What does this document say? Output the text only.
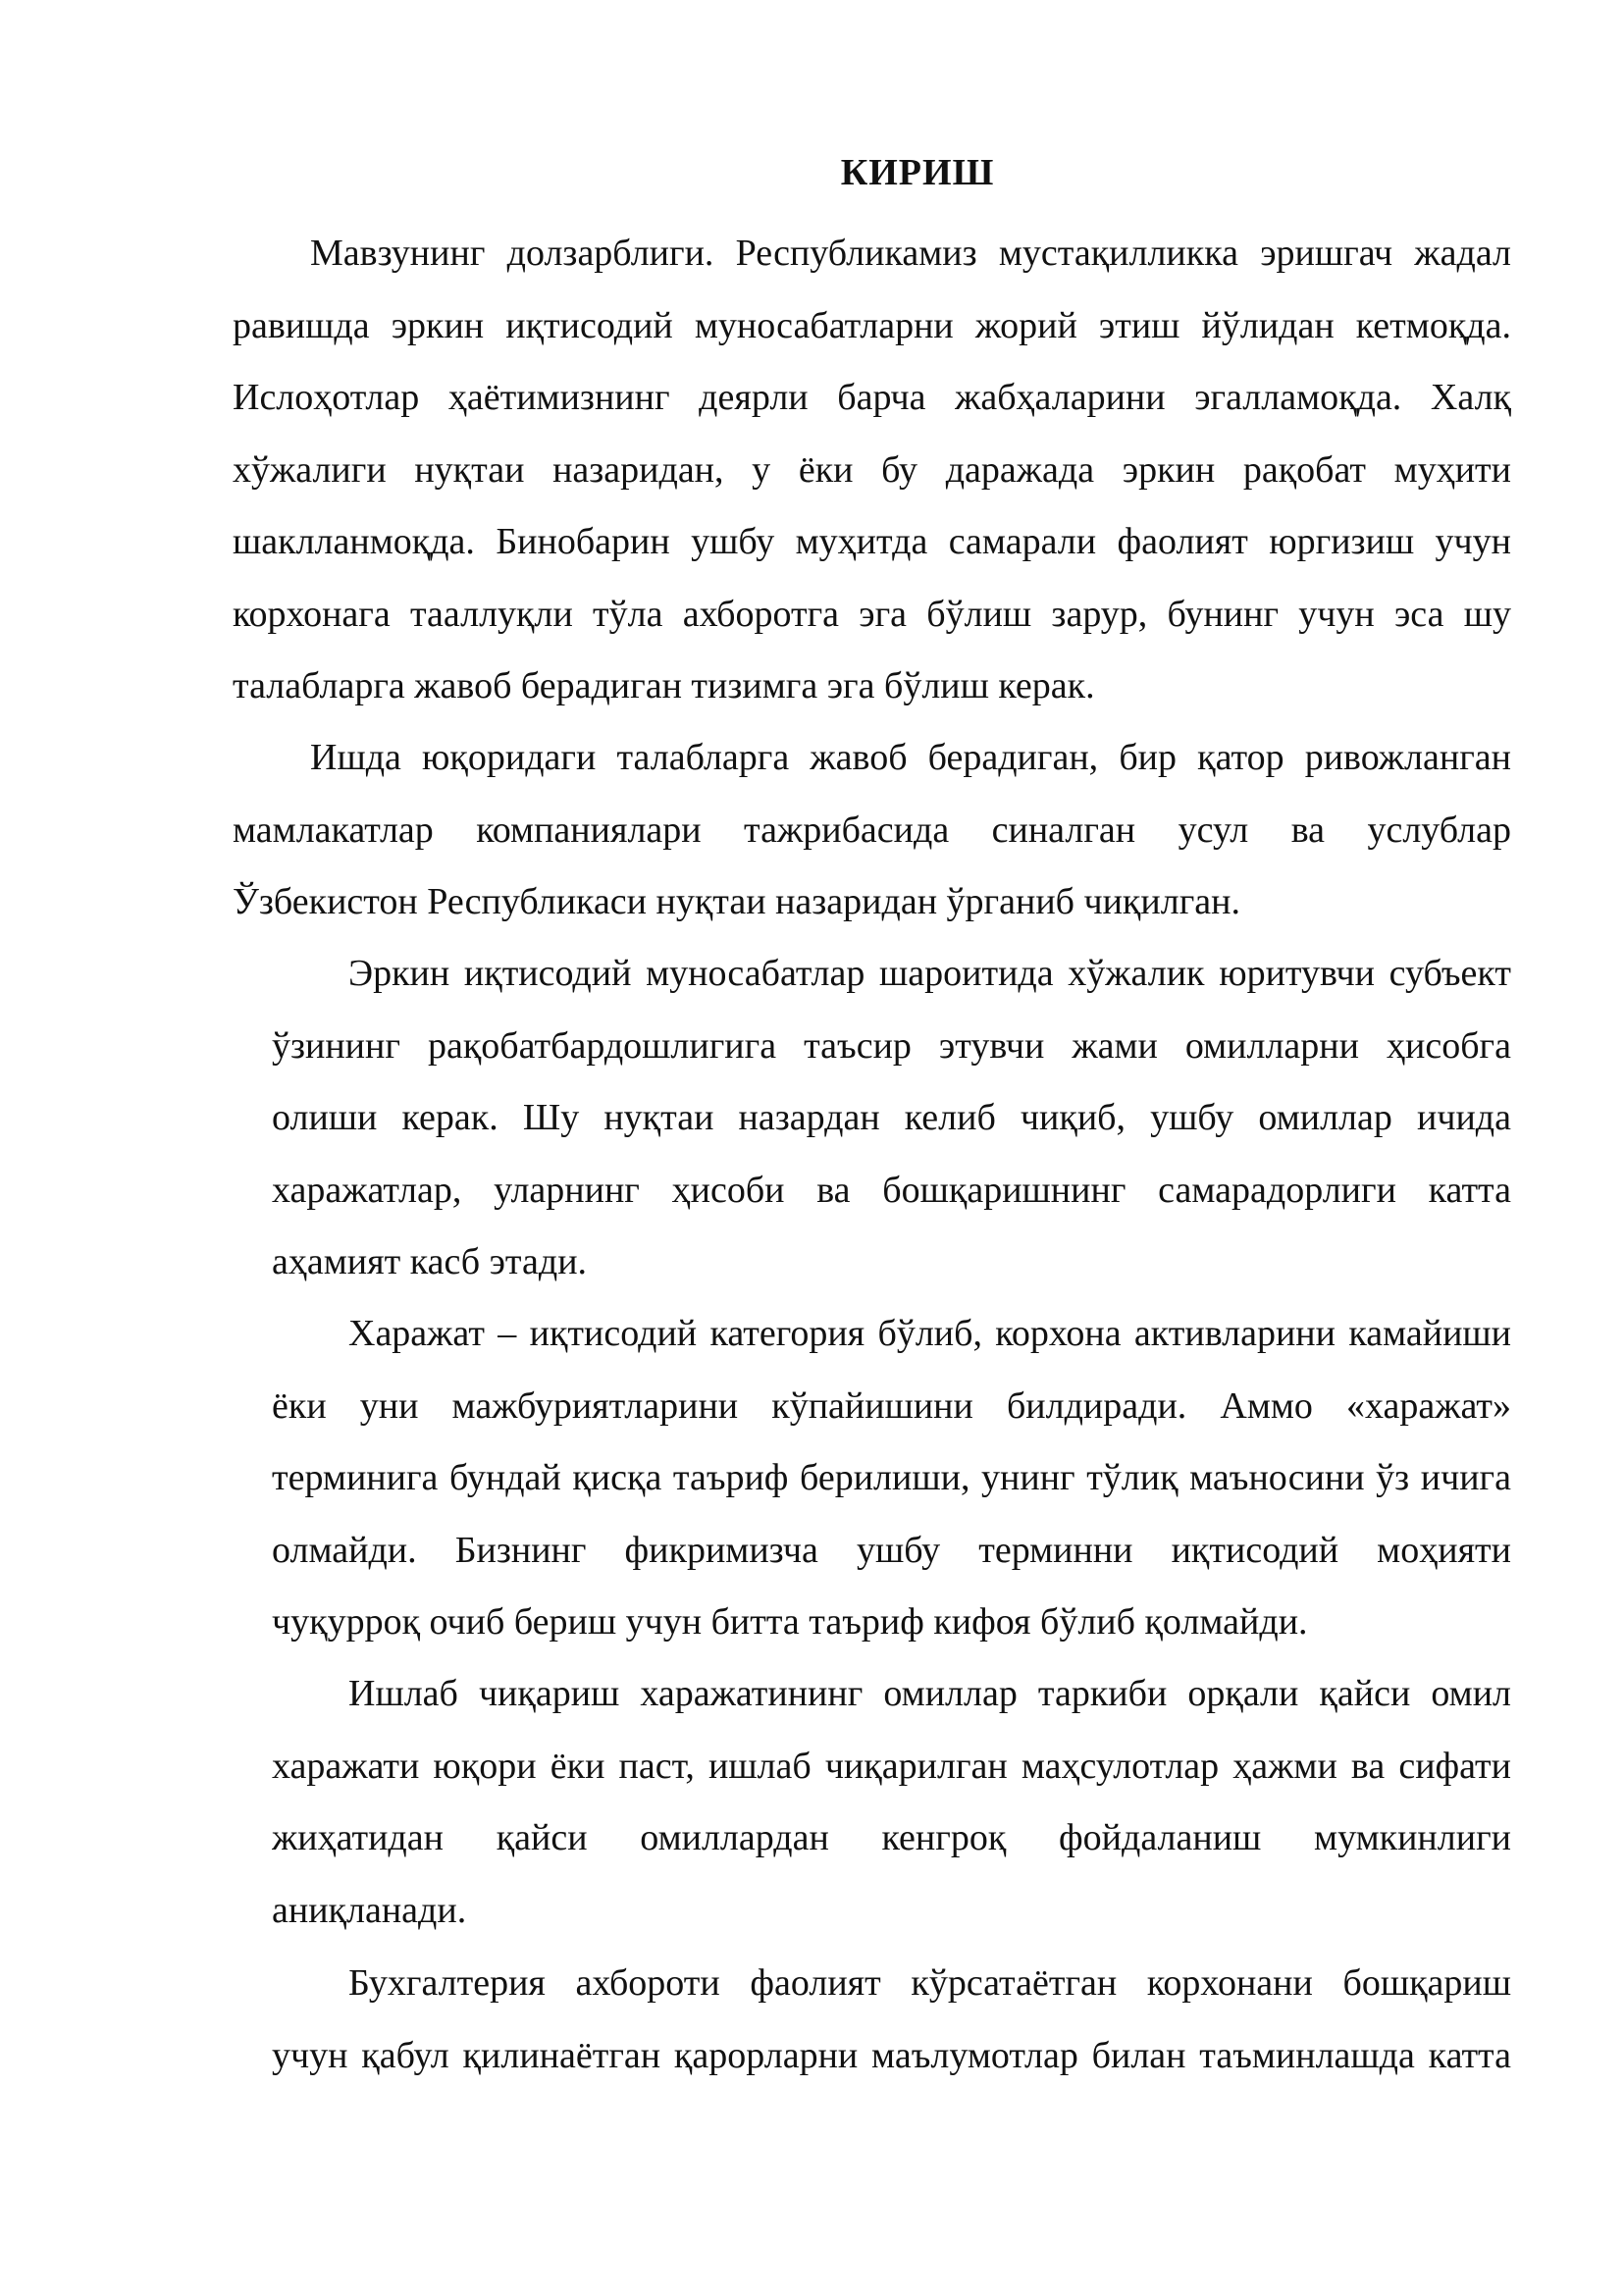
КИРИШ
Мавзунинг долзарблиги. Республикамиз мустақилликка эришгач жадал
равишда эркин иқтисодий муносабатларни жорий этиш йўлидан кетмоқда.
Ислоҳотлар ҳаётимизнинг деярли барча жабҳаларини эгалламоқда. Халқ
хўжалиги нуқтаи назаридан, у ёки бу даражада эркин рақобат муҳити
шаклланмоқда. Бинобарин ушбу муҳитда самарали фаолият юргизиш учун
корхонага тааллуқли тўла ахборотга эга бўлиш зарур, бунинг учун эса шу
талабларга жавоб берадиган тизимга эга бўлиш керак.
Ишда юқоридаги талабларга жавоб берадиган, бир қатор ривожланган
мамлакатлар компаниялари тажрибасида синалган усул ва услублар
Ўзбекистон Республикаси нуқтаи назаридан ўрганиб чиқилган.
Эркин иқтисодий муносабатлар шароитида хўжалик юритувчи субъект
ўзининг рақобатбардошлигига таъсир этувчи жами омилларни ҳисобга
олиши керак. Шу нуқтаи назардан келиб чиқиб, ушбу омиллар ичида
харажатлар, уларнинг ҳисоби ва бошқаришнинг самарадорлиги катта
аҳамият касб этади.
Харажат – иқтисодий категория бўлиб, корхона активларини камайиши
ёки уни мажбуриятларини кўпайишини билдиради. Аммо «харажат»
терминига бундай қисқа таъриф берилиши, унинг тўлиқ маъносини ўз ичига
олмайди. Бизнинг фикримизча ушбу терминни иқтисодий моҳияти
чуқурроқ очиб бериш учун битта таъриф кифоя бўлиб қолмайди.
Ишлаб чиқариш харажатининг омиллар таркиби орқали қайси омил
харажати юқори ёки паст, ишлаб чиқарилган маҳсулотлар ҳажми ва сифати
жиҳатидан қайси омиллардан кенгроқ фойдаланиш мумкинлиги
аниқланади.
Бухгалтерия ахбороти фаолият кўрсатаётган корхонани бошқариш
учун қабул қилинаётган қарорларни маълумотлар билан таъминлашда катта
